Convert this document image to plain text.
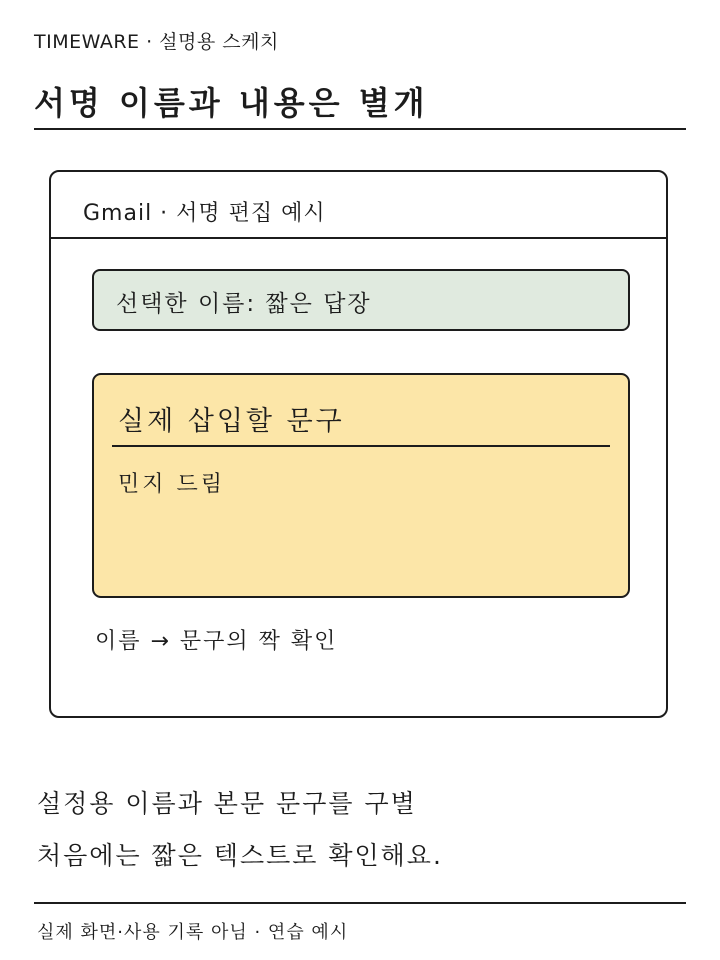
TIMEWARE · 설명용 스케치
서명 이름과 내용은 별개
Gmail · 서명 편집 예시
선택한 이름: 짧은 답장
실제 삽입할 문구
민지 드림
이름 → 문구의 짝 확인
설정용 이름과 본문 문구를 구별
처음에는 짧은 텍스트로 확인해요.
실제 화면·사용 기록 아님 · 연습 예시
